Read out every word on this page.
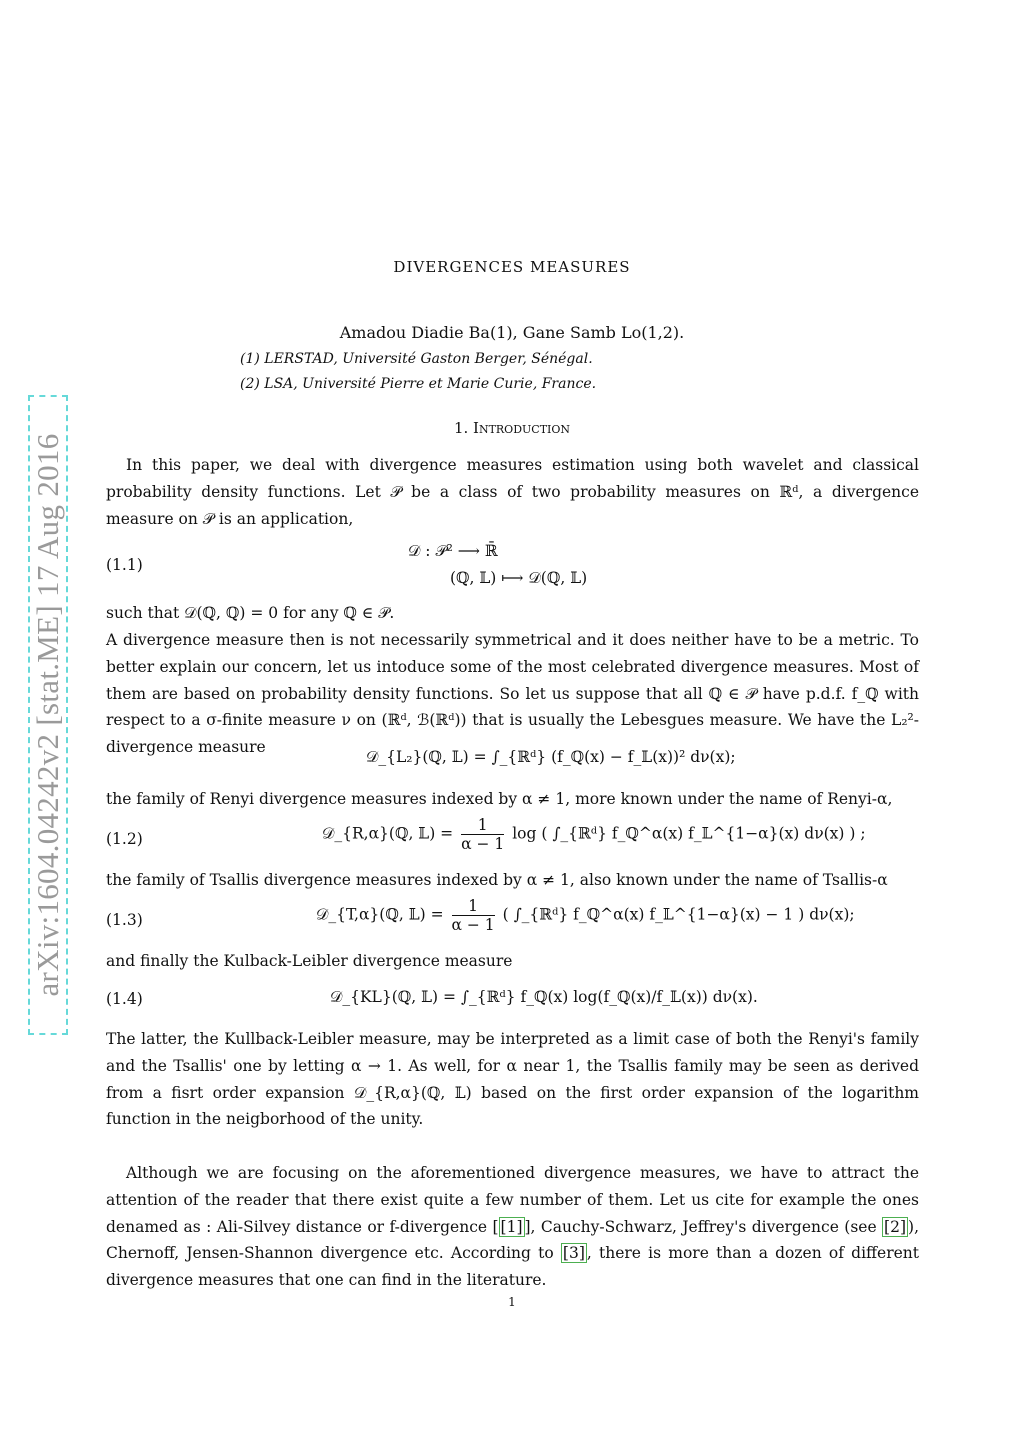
arXiv:1604.04242v2 [stat.ME] 17 Aug 2016
DIVERGENCES MEASURES
Amadou Diadie Ba(1), Gane Samb Lo(1,2).
(1) LERSTAD, Université Gaston Berger, Sénégal.
(2) LSA, Université Pierre et Marie Curie, France.
1. Introduction
In this paper, we deal with divergence measures estimation using both wavelet and classical probability density functions. Let 𝒫 be a class of two probability measures on ℝᵈ, a divergence measure on 𝒫 is an application,
(1.1)
𝒟 : 𝒫² ⟶ ℝ̄
(ℚ, 𝕃) ⟼ 𝒟(ℚ, 𝕃)
such that 𝒟(ℚ, ℚ) = 0 for any ℚ ∈ 𝒫.
A divergence measure then is not necessarily symmetrical and it does neither have to be a metric. To better explain our concern, let us intoduce some of the most celebrated divergence measures. Most of them are based on probability density functions. So let us suppose that all ℚ ∈ 𝒫 have p.d.f. f_ℚ with respect to a σ-finite measure ν on (ℝᵈ, ℬ(ℝᵈ)) that is usually the Lebesgues measure. We have the L₂²-divergence measure
𝒟_{L₂}(ℚ, 𝕃) = ∫_{ℝᵈ} (f_ℚ(x) − f_𝕃(x))² dν(x);
the family of Renyi divergence measures indexed by α ≠ 1, more known under the name of Renyi-α,
(1.2)	𝒟_{R,α}(ℚ, 𝕃) = $\frac{1}{\alpha - 1}$ log ( ∫_{ℝᵈ} f_ℚ^α(x) f_𝕃^{1−α}(x) dν(x) ) ;
the family of Tsallis divergence measures indexed by α ≠ 1, also known under the name of Tsallis-α
(1.3)	𝒟_{T,α}(ℚ, 𝕃) = $\frac{1}{\alpha - 1}$ ( ∫_{ℝᵈ} f_ℚ^α(x) f_𝕃^{1−α}(x) − 1 ) dν(x);
and finally the Kulback-Leibler divergence measure
(1.4)	𝒟_{KL}(ℚ, 𝕃) = ∫_{ℝᵈ} f_ℚ(x) log(f_ℚ(x)/f_𝕃(x)) dν(x).
The latter, the Kullback-Leibler measure, may be interpreted as a limit case of both the Renyi's family and the Tsallis' one by letting α → 1. As well, for α near 1, the Tsallis family may be seen as derived from a fisrt order expansion 𝒟_{R,α}(ℚ, 𝕃) based on the first order expansion of the logarithm function in the neigborhood of the unity.
Although we are focusing on the aforementioned divergence measures, we have to attract the attention of the reader that there exist quite a few number of them. Let us cite for example the ones denamed as : Ali-Silvey distance or f-divergence [ [1] ], Cauchy-Schwarz, Jeffrey's divergence (see [2] ), Chernoff, Jensen-Shannon divergence etc. According to [3] , there is more than a dozen of different divergence measures that one can find in the literature.
1
